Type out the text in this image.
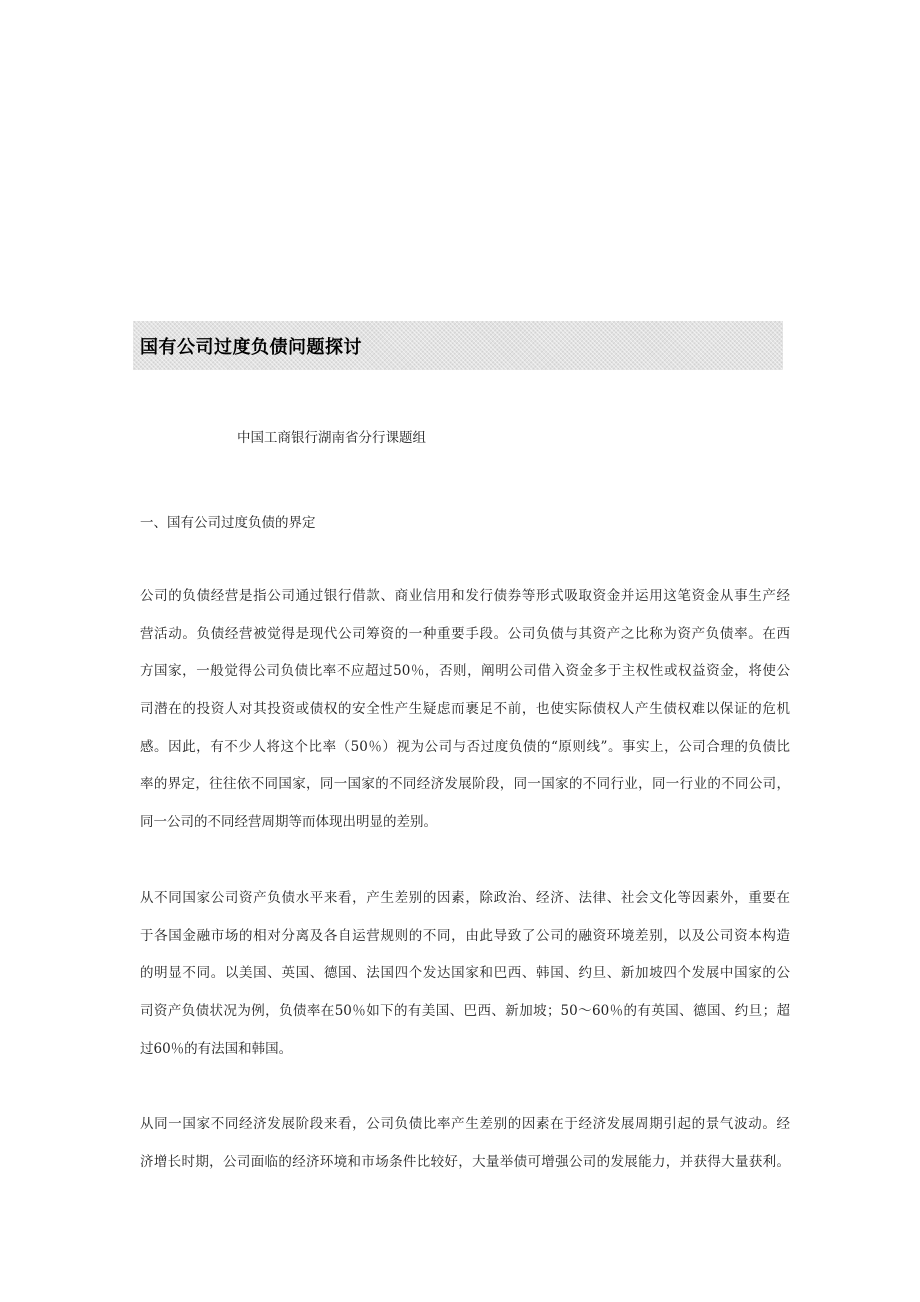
国有公司过度负债问题探讨
中国工商银行湖南省分行课题组
一、国有公司过度负债的界定
公司的负债经营是指公司通过银行借款、商业信用和发行债券等形式吸取资金并运用这笔资金从事生产经
营活动。负债经营被觉得是现代公司筹资的一种重要手段。公司负债与其资产之比称为资产负债率。在西
方国家，一般觉得公司负债比率不应超过50％，否则，阐明公司借入资金多于主权性或权益资金，将使公
司潜在的投资人对其投资或债权的安全性产生疑虑而裹足不前，也使实际债权人产生债权难以保证的危机
感。因此，有不少人将这个比率（50％）视为公司与否过度负债的“原则线”。事实上，公司合理的负债比
率的界定，往往依不同国家，同一国家的不同经济发展阶段，同一国家的不同行业，同一行业的不同公司，
同一公司的不同经营周期等而体现出明显的差别。
从不同国家公司资产负债水平来看，产生差别的因素，除政治、经济、法律、社会文化等因素外，重要在
于各国金融市场的相对分离及各自运营规则的不同，由此导致了公司的融资环境差别，以及公司资本构造
的明显不同。以美国、英国、德国、法国四个发达国家和巴西、韩国、约旦、新加坡四个发展中国家的公
司资产负债状况为例，负债率在50％如下的有美国、巴西、新加坡；50～60％的有英国、德国、约旦；超
过60％的有法国和韩国。
从同一国家不同经济发展阶段来看，公司负债比率产生差别的因素在于经济发展周期引起的景气波动。经
济增长时期，公司面临的经济环境和市场条件比较好，大量举债可增强公司的发展能力，并获得大量获利。
